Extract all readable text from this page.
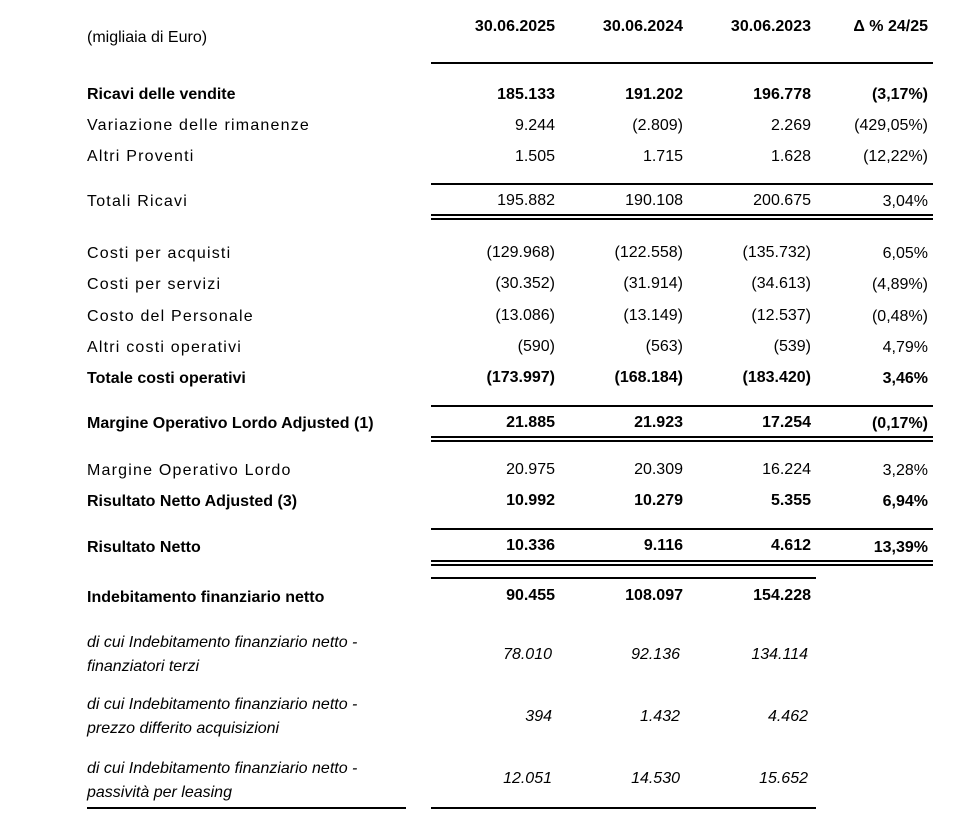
(migliaia di Euro)
30.06.2025	30.06.2024	30.06.2023	Δ % 24/25
Ricavi delle vendite	185.133	191.202	196.778	(3,17%)
Variazione delle rimanenze	9.244	(2.809)	2.269	(429,05%)
Altri Proventi	1.505	1.715	1.628	(12,22%)
Totali Ricavi	195.882	190.108	200.675	3,04%
Costi per acquisti	(129.968)	(122.558)	(135.732)	6,05%
Costi per servizi	(30.352)	(31.914)	(34.613)	(4,89%)
Costo del Personale	(13.086)	(13.149)	(12.537)	(0,48%)
Altri costi operativi	(590)	(563)	(539)	4,79%
Totale costi operativi	(173.997)	(168.184)	(183.420)	3,46%
Margine Operativo Lordo Adjusted (1)	21.885	21.923	17.254	(0,17%)
Margine Operativo Lordo	20.975	20.309	16.224	3,28%
Risultato Netto Adjusted (3)	10.992	10.279	5.355	6,94%
Risultato Netto	10.336	9.116	4.612	13,39%
Indebitamento finanziario netto	90.455	108.097	154.228
di cui Indebitamento finanziario netto - finanziatori terzi
78.010	92.136	134.114
di cui Indebitamento finanziario netto - prezzo differito acquisizioni
394	1.432	4.462
di cui Indebitamento finanziario netto - passività per leasing
12.051	14.530	15.652
